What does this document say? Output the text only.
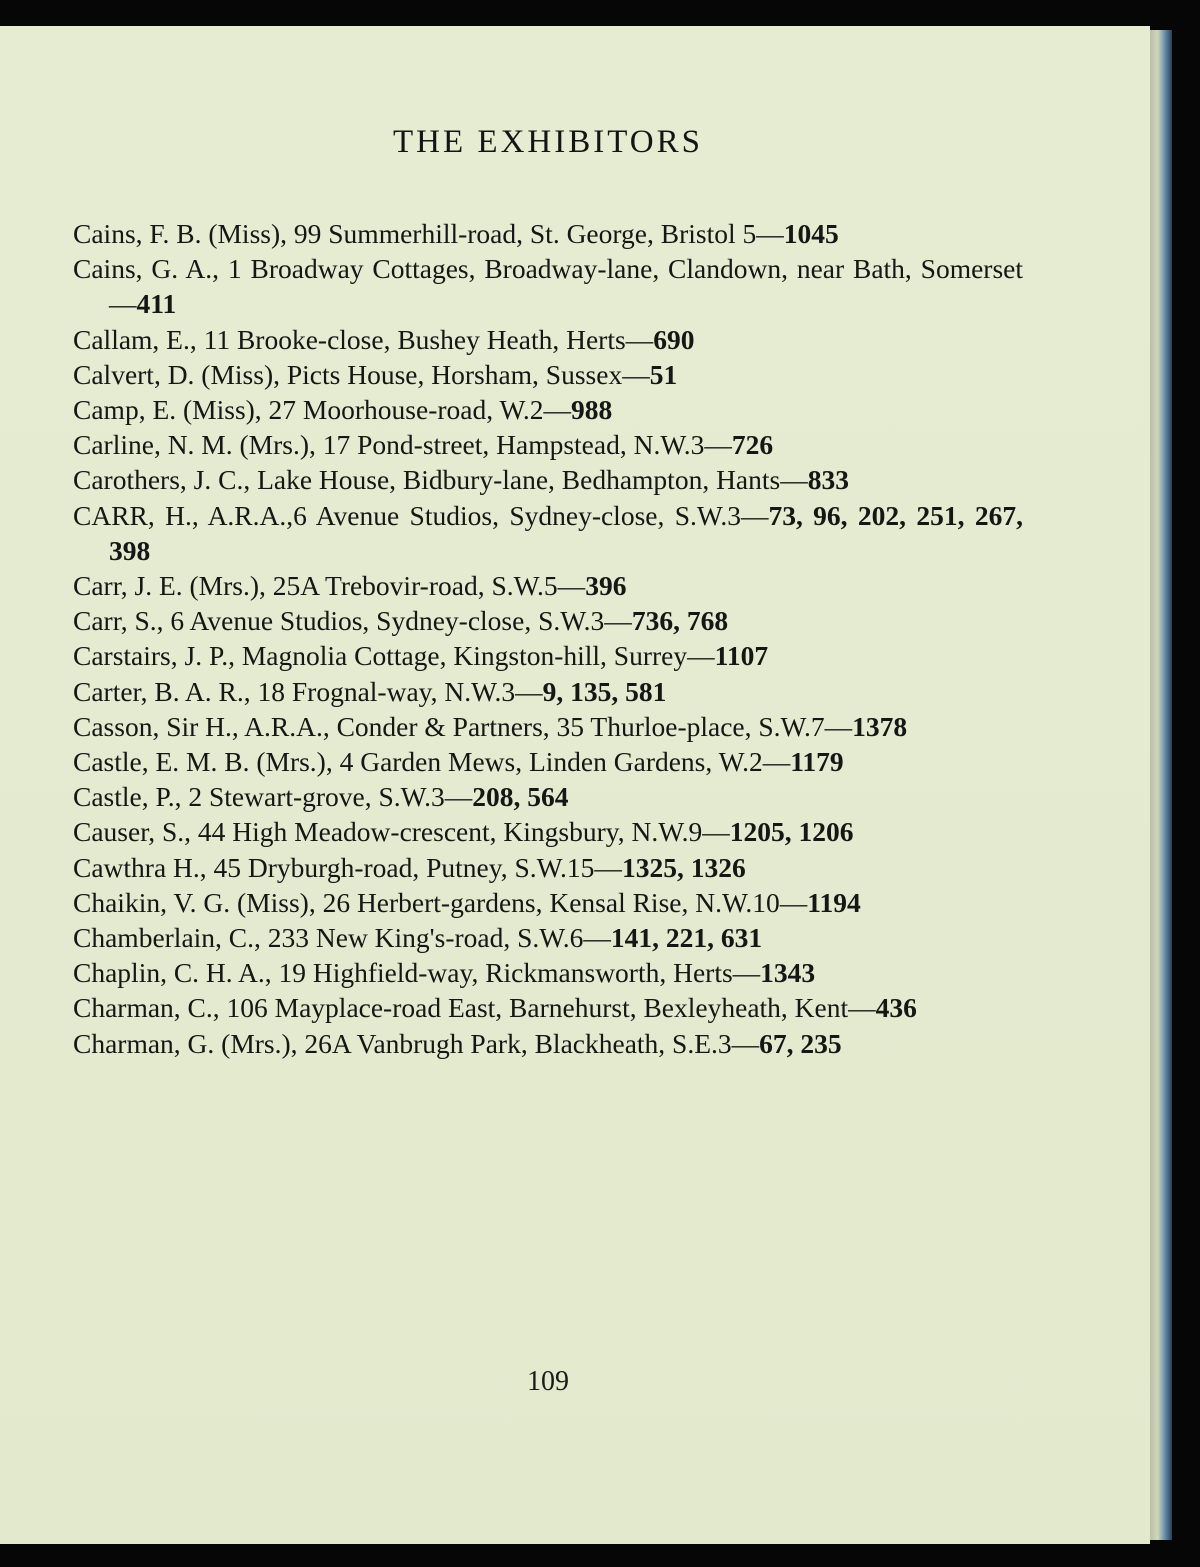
THE EXHIBITORS
Cains, F. B. (Miss), 99 Summerhill-road, St. George, Bristol 5—1045
Cains, G. A., 1 Broadway Cottages, Broadway-lane, Clandown, near Bath, Somerset—411
Callam, E., 11 Brooke-close, Bushey Heath, Herts—690
Calvert, D. (Miss), Picts House, Horsham, Sussex—51
Camp, E. (Miss), 27 Moorhouse-road, W.2—988
Carline, N. M. (Mrs.), 17 Pond-street, Hampstead, N.W.3—726
Carothers, J. C., Lake House, Bidbury-lane, Bedhampton, Hants—833
CARR, H., A.R.A.,6 Avenue Studios, Sydney-close, S.W.3—73, 96, 202, 251, 267, 398
Carr, J. E. (Mrs.), 25A Trebovir-road, S.W.5—396
Carr, S., 6 Avenue Studios, Sydney-close, S.W.3—736, 768
Carstairs, J. P., Magnolia Cottage, Kingston-hill, Surrey—1107
Carter, B. A. R., 18 Frognal-way, N.W.3—9, 135, 581
Casson, Sir H., A.R.A., Conder & Partners, 35 Thurloe-place, S.W.7—1378
Castle, E. M. B. (Mrs.), 4 Garden Mews, Linden Gardens, W.2—1179
Castle, P., 2 Stewart-grove, S.W.3—208, 564
Causer, S., 44 High Meadow-crescent, Kingsbury, N.W.9—1205, 1206
Cawthra H., 45 Dryburgh-road, Putney, S.W.15—1325, 1326
Chaikin, V. G. (Miss), 26 Herbert-gardens, Kensal Rise, N.W.10—1194
Chamberlain, C., 233 New King's-road, S.W.6—141, 221, 631
Chaplin, C. H. A., 19 Highfield-way, Rickmansworth, Herts—1343
Charman, C., 106 Mayplace-road East, Barnehurst, Bexleyheath, Kent—436
Charman, G. (Mrs.), 26A Vanbrugh Park, Blackheath, S.E.3—67, 235
109
